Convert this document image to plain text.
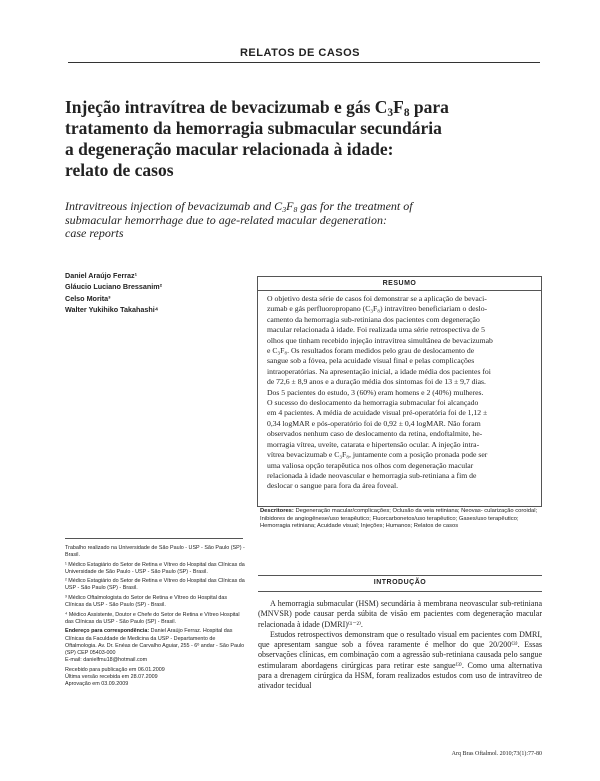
RELATOS DE CASOS
Injeção intravítrea de bevacizumab e gás $C_3F_8$ para
tratamento da hemorragia submacular secundária
a degeneração macular relacionada à idade:
relato de casos
Intravitreous injection of bevacizumab and $C_3F_8$ gas for the treatment of
submacular hemorrhage due to age-related macular degeneration:
case reports
Daniel Araújo Ferraz¹
Gláucio Luciano Bressanim²
Celso Morita³
Walter Yukihiko Takahashi⁴
RESUMO
O objetivo desta série de casos foi demonstrar se a aplicação de bevaci-
zumab e gás perfluoropropano (C₃F₈) intravítreo beneficiariam o deslo-
camento da hemorragia sub-retiniana dos pacientes com degeneração
macular relacionada à idade. Foi realizada uma série retrospectiva de 5
olhos que tinham recebido injeção intravítrea simultânea de bevacizumab
e C₃F₈. Os resultados foram medidos pelo grau de deslocamento de
sangue sob a fóvea, pela acuidade visual final e pelas complicações
intraoperatórias. Na apresentação inicial, a idade média dos pacientes foi
de 72,6 ± 8,9 anos e a duração média dos sintomas foi de 13 ± 9,7 dias.
Dos 5 pacientes do estudo, 3 (60%) eram homens e 2 (40%) mulheres.
O sucesso do deslocamento da hemorragia submacular foi alcançado
em 4 pacientes. A média de acuidade visual pré-operatória foi de 1,12 ±
0,34 logMAR e pós-operatório foi de 0,92 ± 0,4 logMAR. Não foram
observados nenhum caso de deslocamento da retina, endoftalmite, he-
morragia vítrea, uveíte, catarata e hipertensão ocular. A injeção intra-
vítrea bevacizumab e C₃F₈, juntamente com a posição pronada pode ser
uma valiosa opção terapêutica nos olhos com degeneração macular
relacionada à idade neovascular e hemorragia sub-retiniana a fim de
deslocar o sangue para fora da área foveal.
Descritores: Degeneração macular/complicações; Oclusão da veia retiniana; Neovas- cularização coroidal; Inibidores de angiogênese/uso terapêutico; Fluorcarbonetos/uso terapêutico; Gases/uso terapêutico; Hemorragia retiniana; Acuidade visual; Injeções; Humanos; Relatos de casos

Trabalho realizado na Universidade de São Paulo - USP - São Paulo (SP) - Brasil.

¹ Médico Estagiário do Setor de Retina e Vítreo do Hospital das Clínicas da Universidade de São Paulo - USP - São Paulo (SP) - Brasil.

² Médico Estagiário do Setor de Retina e Vítreo do Hospital das Clínicas da USP - São Paulo (SP) - Brasil.

³ Médico Oftalmologista do Setor de Retina e Vítreo do Hospital das Clínicas da USP - São Paulo (SP) - Brasil.

⁴ Médico Assistente, Doutor e Chefe do Setor de Retina e Vítreo Hospital das Clínicas da USP - São Paulo (SP) - Brasil.

Endereço para correspondência: Daniel Araújo Ferraz. Hospital das Clínicas da Faculdade de Medicina da USP - Departamento de Oftalmologia. Av. Dr. Enéas de Carvalho Aguiar, 255 - 6º andar - São Paulo (SP) CEP 05403-000

E-mail: danielfmu18@hotmail.com

Recebido para publicação em 06.01.2009
Última versão recebida em 28.07.2009
Aprovação em 03.09.2009
INTRODUÇÃO

A hemorragia submacular (HSM) secundária à membrana neovascular sub-retiniana (MNVSR) pode causar perda súbita de visão em pacientes com degeneração macular relacionada à idade (DMRI)⁽¹⁻²⁾.

Estudos retrospectivos demonstram que o resultado visual em pacientes com DMRI, que apresentam sangue sob a fóvea raramente é melhor do que 20/200⁽³⁾. Essas observações clínicas, em combinação com a agressão sub-retiniana causada pelo sangue estimularam abordagens cirúrgicas para retirar este sangue⁽³⁾. Como uma alternativa para a drenagem cirúrgica da HSM, foram realizados estudos com uso de intravítreo de ativador tecidual

Arq Bras Oftalmol. 2010;73(1):77-80
